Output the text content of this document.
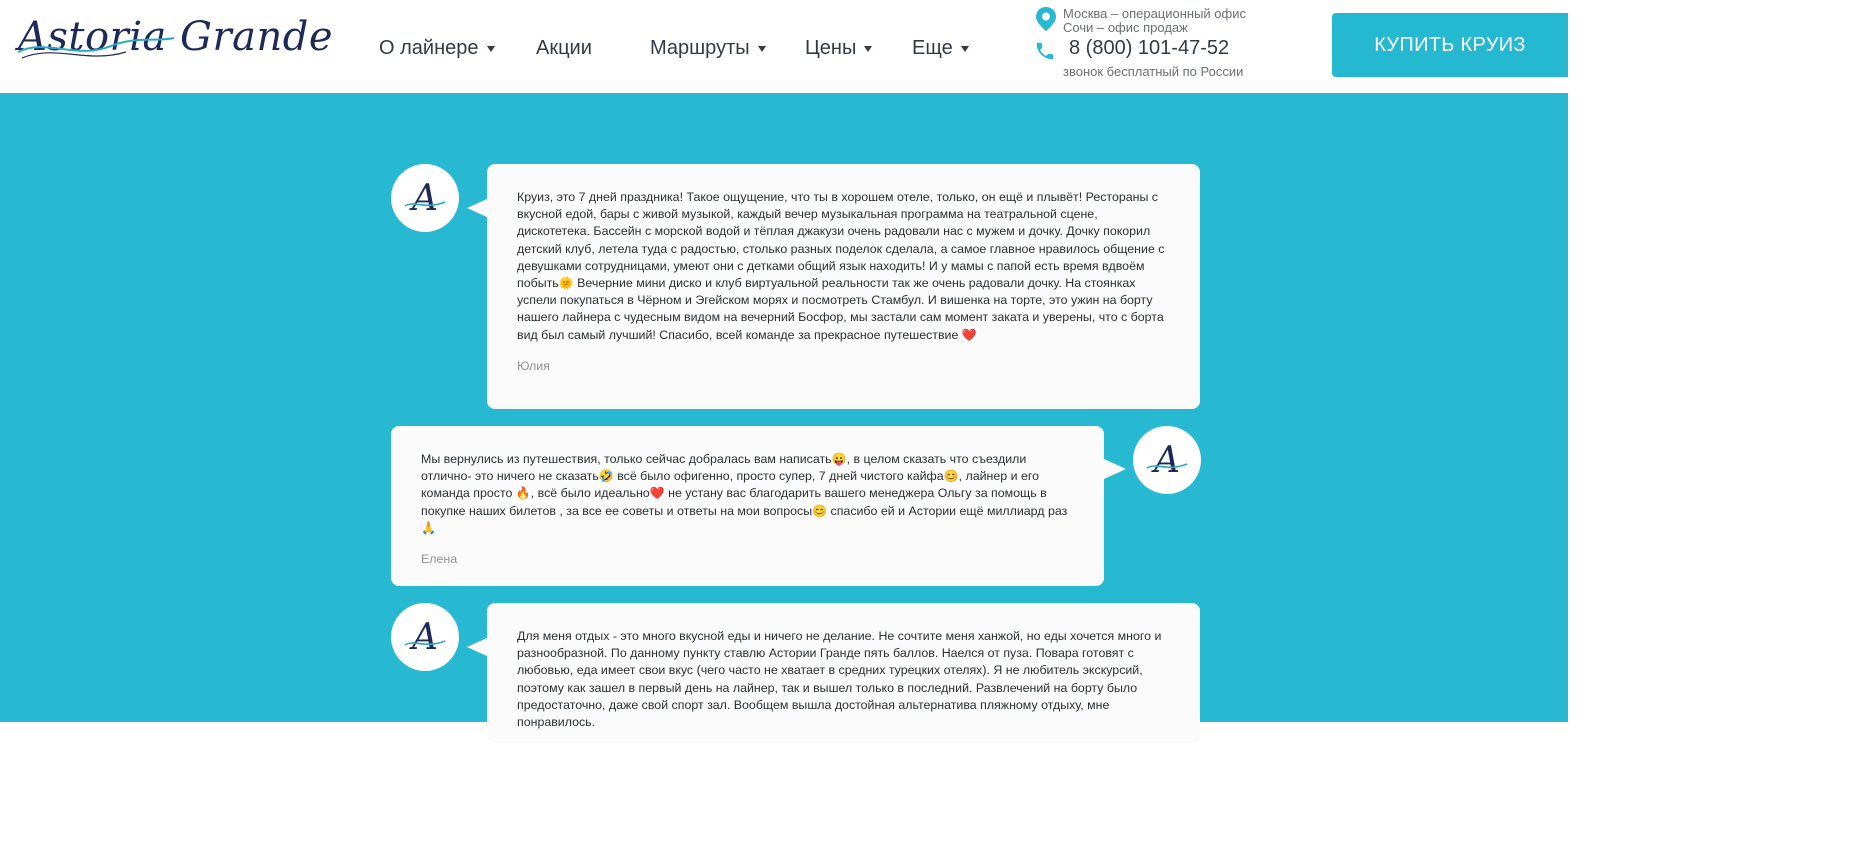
Astoria Grande О лайнере	Акции	Маршруты	Цены	Еще
Москва – операционный офис
Сочи – офис продаж
8 (800) 101-47-52
звонок бесплатный по России
КУПИТЬ КРУИЗ
A	Круиз, это 7 дней праздника! Такое ощущение, что ты в хорошем отеле, только, он ещё и плывёт! Рестораны с вкусной едой, бары с живой музыкой, каждый вечер музыкальная программа на театральной сцене, дискотетека. Бассейн с морской водой и тёплая джакузи очень радовали нас с мужем и дочку. Дочку покорил детский клуб, летела туда с радостью, столько разных поделок сделала, а самое главное нравилось общение с девушками сотрудницами, умеют они с детками общий язык находить! И у мамы с папой есть время вдвоём побыть🌞 Вечерние мини диско и клуб виртуальной реальности так же очень радовали дочку. На стоянках успели покупаться в Чёрном и Эгейском морях и посмотреть Стамбул. И вишенка на торте, это ужин на борту нашего лайнера с чудесным видом на вечерний Босфор, мы застали сам момент заката и уверены, что с борта вид был самый лучший! Спасибо, всей команде за прекрасное путешествие ❤️
Юлия
Мы вернулись из путешествия, только сейчас добралась вам написать😛, в целом сказать что съездили отлично- это ничего не сказать🤣 всё было офигенно, просто супер, 7 дней чистого кайфа😊, лайнер и его команда просто 🔥, всё было идеально❤️ не устану вас благодарить вашего менеджера Ольгу за помощь в покупке наших билетов , за все ее советы и ответы на мои вопросы😊 спасибо ей и Астории ещё миллиард раз🙏
Елена
A
A	Для меня отдых - это много вкусной еды и ничего не делание. Не сочтите меня ханжой, но еды хочется много и разнообразной. По данному пункту ставлю Астории Гранде пять баллов. Наелся от пуза. Повара готовят с любовью, еда имеет свои вкус (чего часто не хватает в средних турецких отелях). Я не любитель экскурсий, поэтому как зашел в первый день на лайнер, так и вышел только в последний. Развлечений на борту было предостаточно, даже свой спорт зал. Вообщем вышла достойная альтернатива пляжному отдыху, мне понравилось.
